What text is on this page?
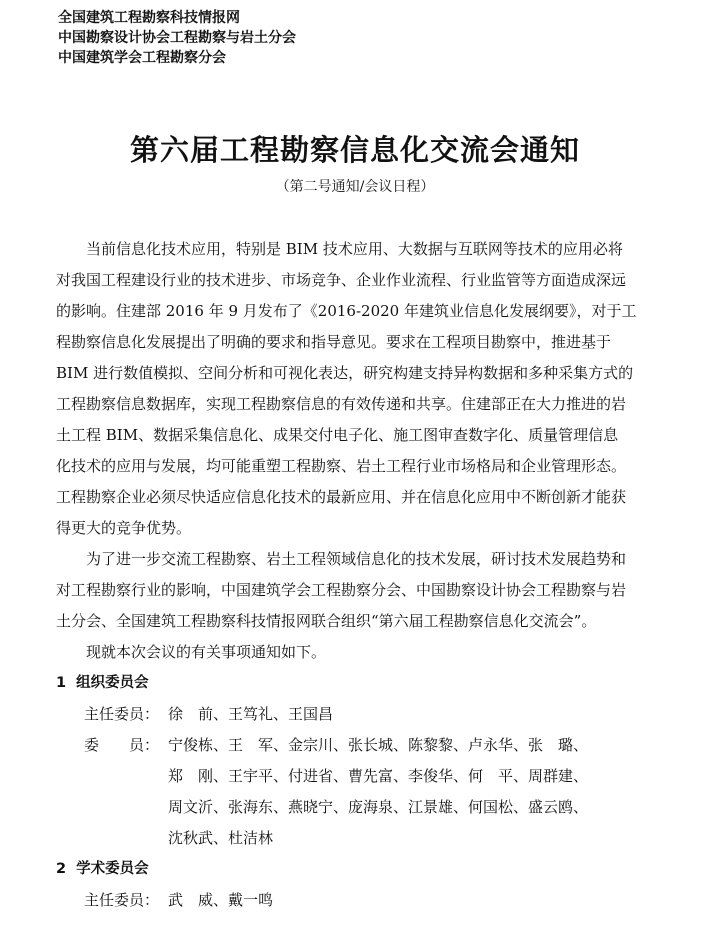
全国建筑工程勘察科技情报网
中国勘察设计协会工程勘察与岩土分会
中国建筑学会工程勘察分会
第六届工程勘察信息化交流会通知
（第二号通知/会议日程）
当前信息化技术应用，特别是 BIM 技术应用、大数据与互联网等技术的应用必将
对我国工程建设行业的技术进步、市场竞争、企业作业流程、行业监管等方面造成深远
的影响。住建部 2016 年 9 月发布了《2016-2020 年建筑业信息化发展纲要》，对于工
程勘察信息化发展提出了明确的要求和指导意见。要求在工程项目勘察中，推进基于
BIM 进行数值模拟、空间分析和可视化表达，研究构建支持异构数据和多种采集方式的
工程勘察信息数据库，实现工程勘察信息的有效传递和共享。住建部正在大力推进的岩
土工程 BIM、数据采集信息化、成果交付电子化、施工图审查数字化、质量管理信息
化技术的应用与发展，均可能重塑工程勘察、岩土工程行业市场格局和企业管理形态。
工程勘察企业必须尽快适应信息化技术的最新应用、并在信息化应用中不断创新才能获
得更大的竞争优势。
为了进一步交流工程勘察、岩土工程领域信息化的技术发展，研讨技术发展趋势和
对工程勘察行业的影响，中国建筑学会工程勘察分会、中国勘察设计协会工程勘察与岩
土分会、全国建筑工程勘察科技情报网联合组织“第六届工程勘察信息化交流会”。
现就本次会议的有关事项通知如下。
1 组织委员会
主任委员： 徐　前、王笃礼、王国昌
委　　员： 宁俊栋、王　军、金宗川、张长城、陈黎黎、卢永华、张　璐、
郑　刚、王宇平、付进省、曹先富、李俊华、何　平、周群建、
周文沂、张海东、燕晓宁、庞海泉、江景雄、何国松、盛云鸥、
沈秋武、杜洁林
2 学术委员会
主任委员： 武　威、戴一鸣
